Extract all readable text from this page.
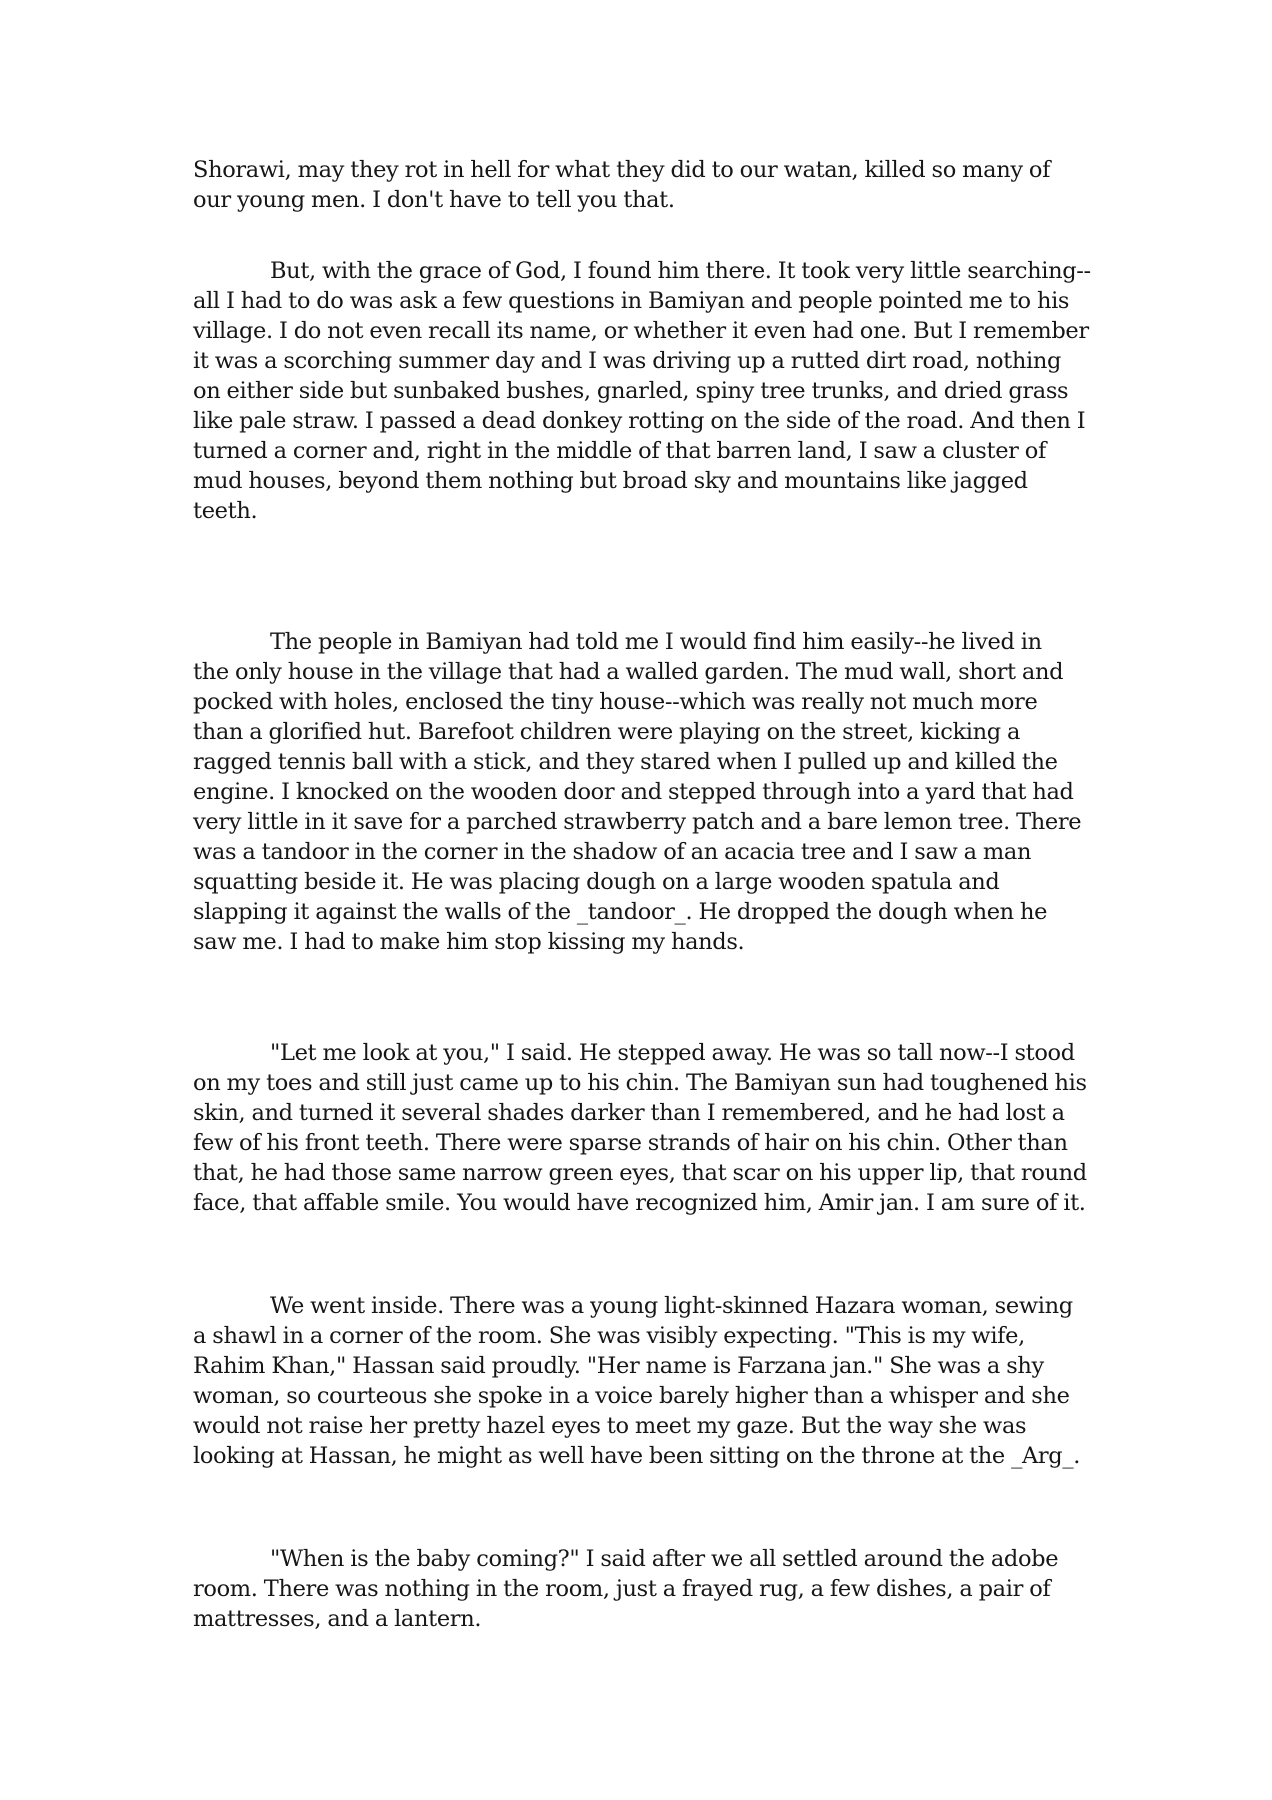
Shorawi, may they rot in hell for what they did to our watan, killed so many of
our young men. I don't have to tell you that.
But, with the grace of God, I found him there. It took very little searching--
all I had to do was ask a few questions in Bamiyan and people pointed me to his
village. I do not even recall its name, or whether it even had one. But I remember
it was a scorching summer day and I was driving up a rutted dirt road, nothing
on either side but sunbaked bushes, gnarled, spiny tree trunks, and dried grass
like pale straw. I passed a dead donkey rotting on the side of the road. And then I
turned a corner and, right in the middle of that barren land, I saw a cluster of
mud houses, beyond them nothing but broad sky and mountains like jagged
teeth.
The people in Bamiyan had told me I would find him easily--he lived in
the only house in the village that had a walled garden. The mud wall, short and
pocked with holes, enclosed the tiny house--which was really not much more
than a glorified hut. Barefoot children were playing on the street, kicking a
ragged tennis ball with a stick, and they stared when I pulled up and killed the
engine. I knocked on the wooden door and stepped through into a yard that had
very little in it save for a parched strawberry patch and a bare lemon tree. There
was a tandoor in the corner in the shadow of an acacia tree and I saw a man
squatting beside it. He was placing dough on a large wooden spatula and
slapping it against the walls of the _tandoor_. He dropped the dough when he
saw me. I had to make him stop kissing my hands.
"Let me look at you," I said. He stepped away. He was so tall now--I stood
on my toes and still just came up to his chin. The Bamiyan sun had toughened his
skin, and turned it several shades darker than I remembered, and he had lost a
few of his front teeth. There were sparse strands of hair on his chin. Other than
that, he had those same narrow green eyes, that scar on his upper lip, that round
face, that affable smile. You would have recognized him, Amir jan. I am sure of it.
We went inside. There was a young light-skinned Hazara woman, sewing
a shawl in a corner of the room. She was visibly expecting. "This is my wife,
Rahim Khan," Hassan said proudly. "Her name is Farzana jan." She was a shy
woman, so courteous she spoke in a voice barely higher than a whisper and she
would not raise her pretty hazel eyes to meet my gaze. But the way she was
looking at Hassan, he might as well have been sitting on the throne at the _Arg_.
"When is the baby coming?" I said after we all settled around the adobe
room. There was nothing in the room, just a frayed rug, a few dishes, a pair of
mattresses, and a lantern.
